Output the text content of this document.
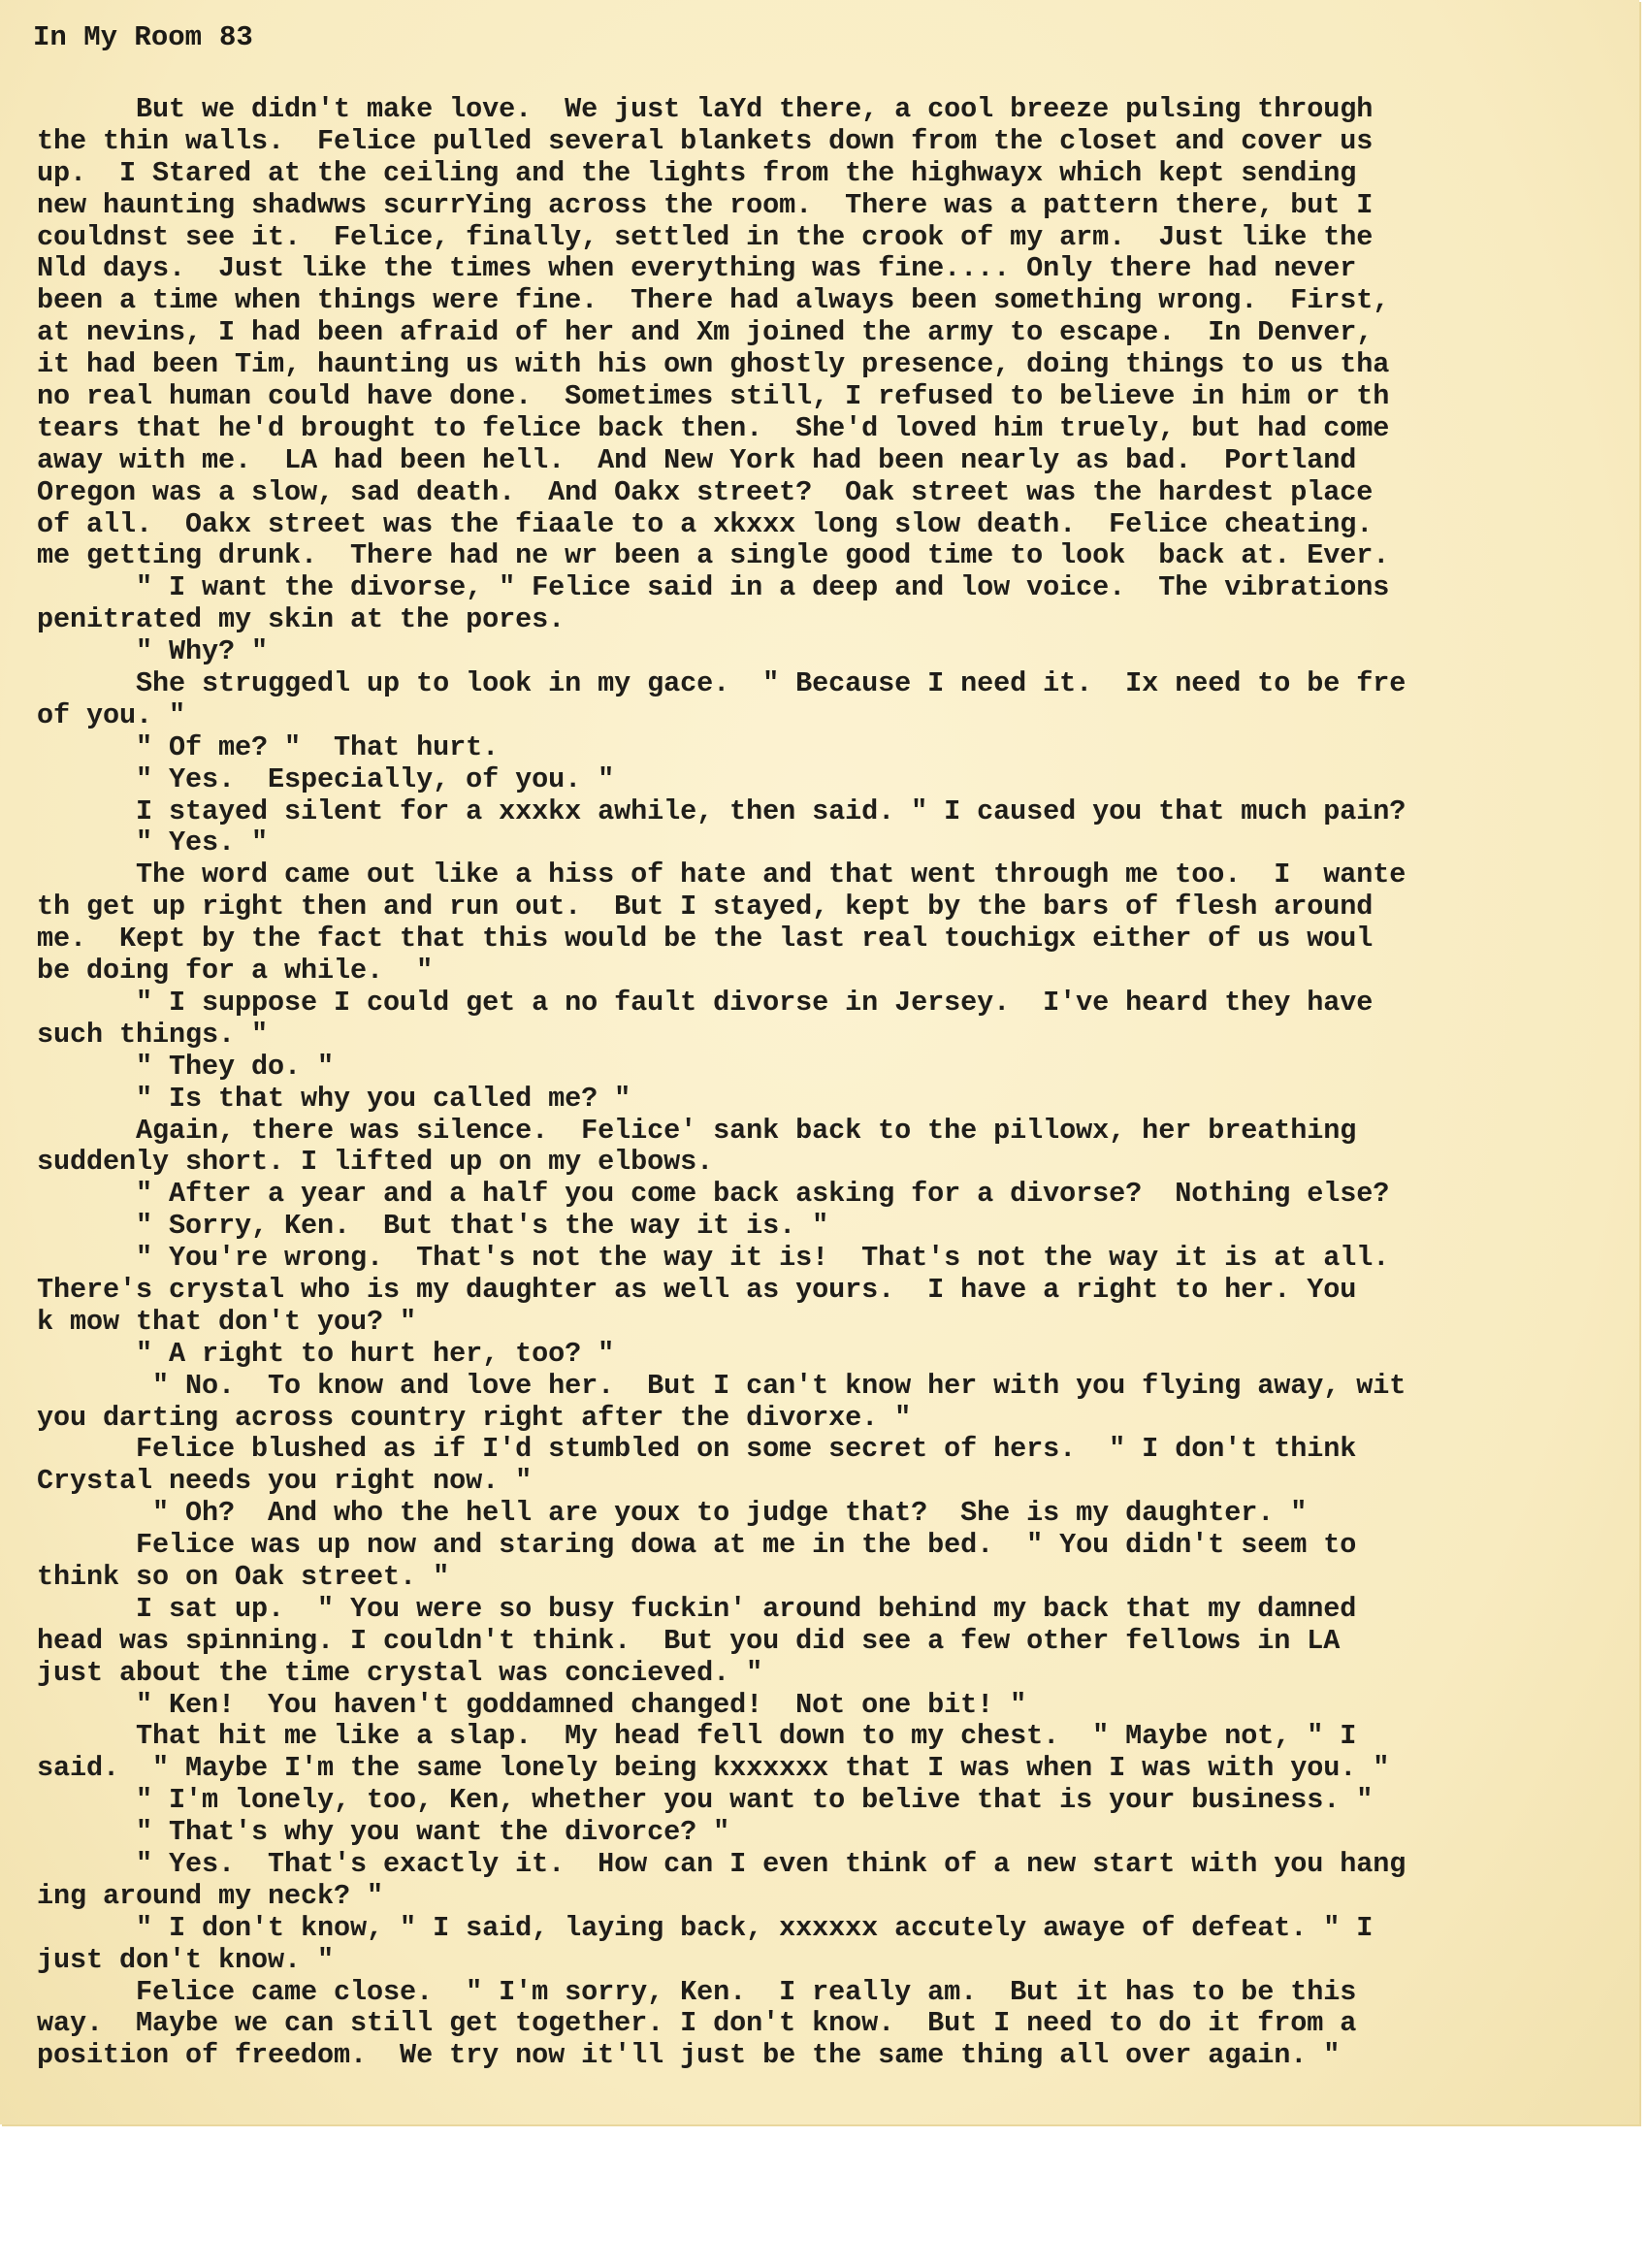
In My Room 83
But we didn't make love.  We just laYd there, a cool breeze pulsing through
the thin walls.  Felice pulled several blankets down from the closet and cover us
up.  I Stared at the ceiling and the lights from the highwayx which kept sending
new haunting shadwws scurrYing across the room.  There was a pattern there, but I
couldnst see it.  Felice, finally, settled in the crook of my arm.  Just like the
Nld days.  Just like the times when everything was fine.... Only there had never
been a time when things were fine.  There had always been something wrong.  First,
at nevins, I had been afraid of her and Xm joined the army to escape.  In Denver,
it had been Tim, haunting us with his own ghostly presence, doing things to us tha
no real human could have done.  Sometimes still, I refused to believe in him or th
tears that he'd brought to felice back then.  She'd loved him truely, but had come
away with me.  LA had been hell.  And New York had been nearly as bad.  Portland
Oregon was a slow, sad death.  And Oakx street?  Oak street was the hardest place
of all.  Oakx street was the fiaale to a xkxxx long slow death.  Felice cheating.
me getting drunk.  There had ne wr been a single good time to look  back at. Ever.
" I want the divorse, " Felice said in a deep and low voice.  The vibrations
penitrated my skin at the pores.
" Why? "
She struggedl up to look in my gace.  " Because I need it.  Ix need to be fre
of you. "
" Of me? "  That hurt.
" Yes.  Especially, of you. "
I stayed silent for a xxxkx awhile, then said. " I caused you that much pain?
" Yes. "
The word came out like a hiss of hate and that went through me too.  I  wante
th get up right then and run out.  But I stayed, kept by the bars of flesh around
me.  Kept by the fact that this would be the last real touchigx either of us woul
be doing for a while.  "
" I suppose I could get a no fault divorse in Jersey.  I've heard they have
such things. "
" They do. "
" Is that why you called me? "
Again, there was silence.  Felice' sank back to the pillowx, her breathing
suddenly short. I lifted up on my elbows.
" After a year and a half you come back asking for a divorse?  Nothing else?
" Sorry, Ken.  But that's the way it is. "
" You're wrong.  That's not the way it is!  That's not the way it is at all.
There's crystal who is my daughter as well as yours.  I have a right to her. You
k mow that don't you? "
" A right to hurt her, too? "
" No.  To know and love her.  But I can't know her with you flying away, wit
you darting across country right after the divorxe. "
Felice blushed as if I'd stumbled on some secret of hers.  " I don't think
Crystal needs you right now. "
" Oh?  And who the hell are youx to judge that?  She is my daughter. "
Felice was up now and staring dowa at me in the bed.  " You didn't seem to
think so on Oak street. "
I sat up.  " You were so busy fuckin' around behind my back that my damned
head was spinning. I couldn't think.  But you did see a few other fellows in LA
just about the time crystal was concieved. "
" Ken!  You haven't goddamned changed!  Not one bit! "
That hit me like a slap.  My head fell down to my chest.  " Maybe not, " I
said.  " Maybe I'm the same lonely being kxxxxxx that I was when I was with you. "
" I'm lonely, too, Ken, whether you want to belive that is your business. "
" That's why you want the divorce? "
" Yes.  That's exactly it.  How can I even think of a new start with you hang
ing around my neck? "
" I don't know, " I said, laying back, xxxxxx accutely awaye of defeat. " I
just don't know. "
Felice came close.  " I'm sorry, Ken.  I really am.  But it has to be this
way.  Maybe we can still get together. I don't know.  But I need to do it from a
position of freedom.  We try now it'll just be the same thing all over again. "
